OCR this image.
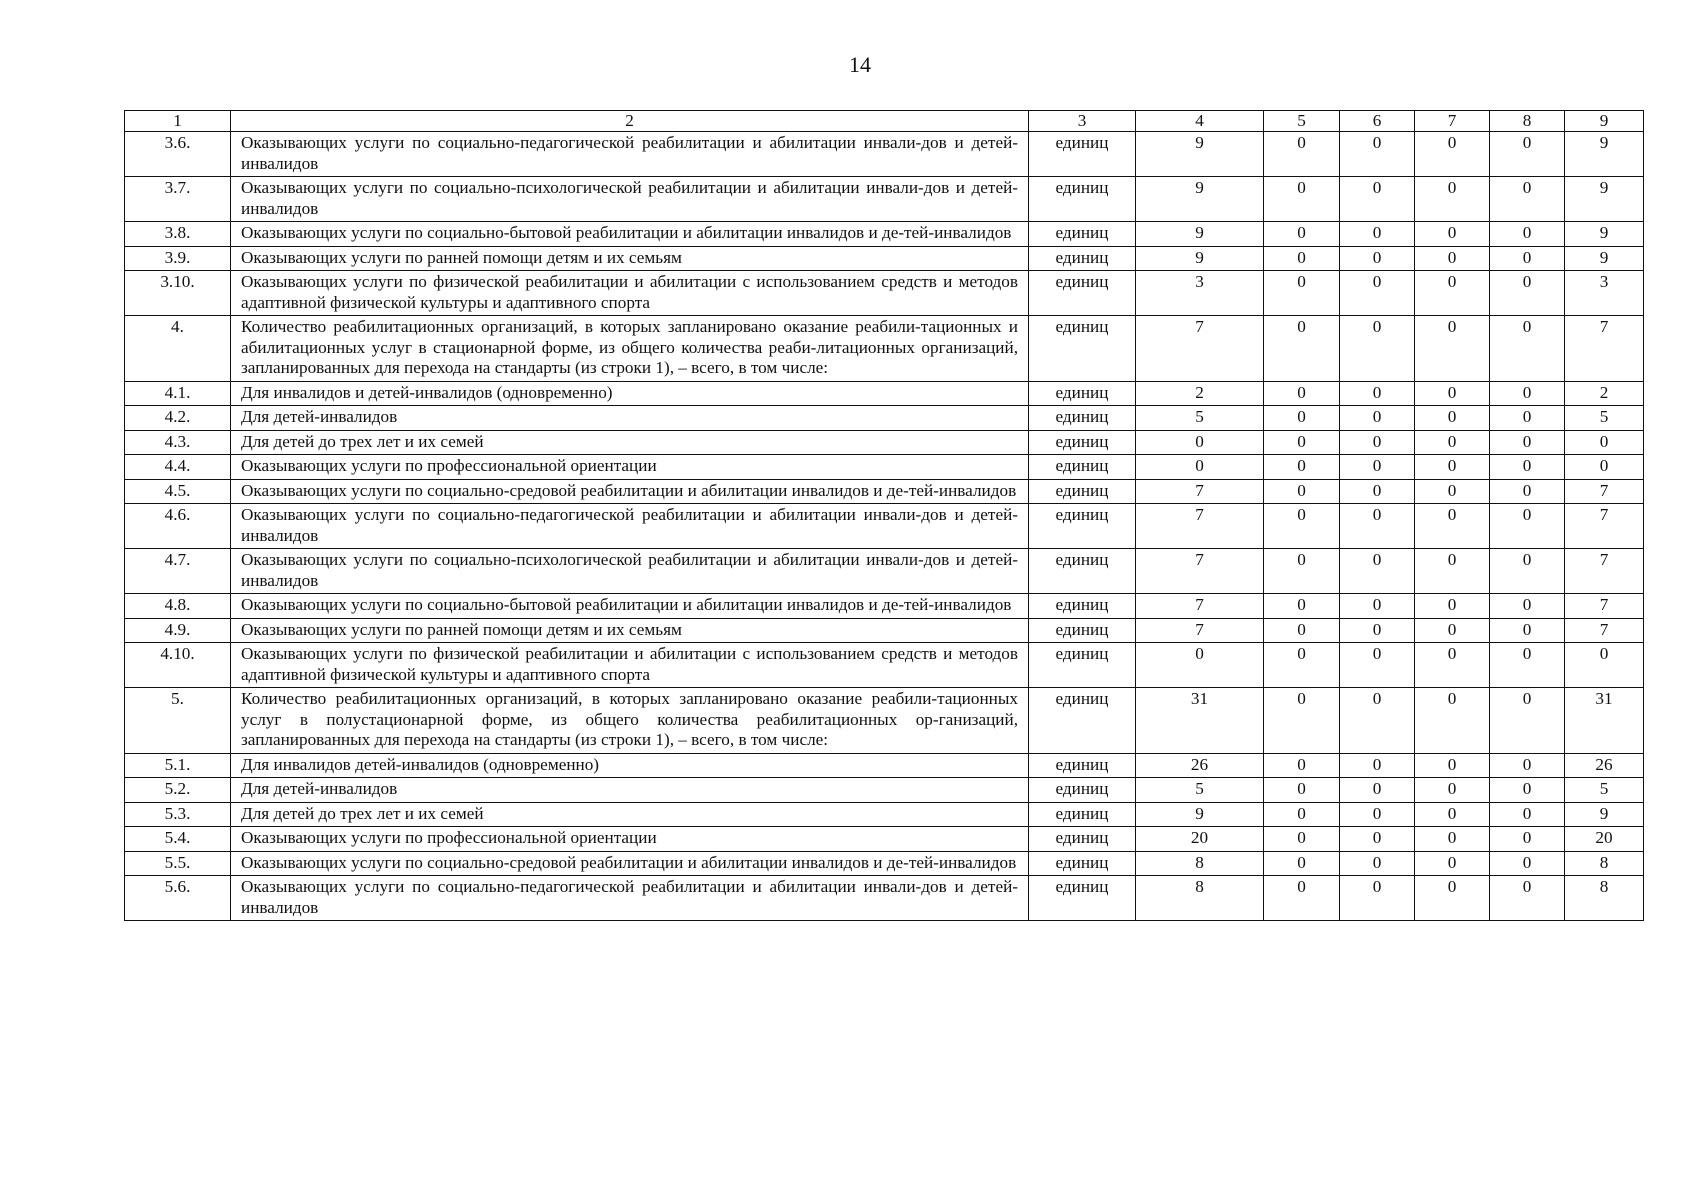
14
1	2	3	4	5	6	7	8	9
3.6.	Оказывающих услуги по социально-педагогической реабилитации и абилитации инвали-дов и детей-инвалидов	единиц	9	0	0	0	0	9
3.7.	Оказывающих услуги по социально-психологической реабилитации и абилитации инвали-дов и детей-инвалидов	единиц	9	0	0	0	0	9
3.8.	Оказывающих услуги по социально-бытовой реабилитации и абилитации инвалидов и де-тей-инвалидов	единиц	9	0	0	0	0	9
3.9.	Оказывающих услуги по ранней помощи детям и их семьям	единиц	9	0	0	0	0	9
3.10.	Оказывающих услуги по физической реабилитации и абилитации с использованием средств и методов адаптивной физической культуры и адаптивного спорта	единиц	3	0	0	0	0	3
4.	Количество реабилитационных организаций, в которых запланировано оказание реабили-тационных и абилитационных услуг в стационарной форме, из общего количества реаби-литационных организаций, запланированных для перехода на стандарты (из строки 1), – всего, в том числе:	единиц	7	0	0	0	0	7
4.1.	Для инвалидов и детей-инвалидов (одновременно)	единиц	2	0	0	0	0	2
4.2.	Для детей-инвалидов	единиц	5	0	0	0	0	5
4.3.	Для детей до трех лет и их семей	единиц	0	0	0	0	0	0
4.4.	Оказывающих услуги по профессиональной ориентации	единиц	0	0	0	0	0	0
4.5.	Оказывающих услуги по социально-средовой реабилитации и абилитации инвалидов и де-тей-инвалидов	единиц	7	0	0	0	0	7
4.6.	Оказывающих услуги по социально-педагогической реабилитации и абилитации инвали-дов и детей-инвалидов	единиц	7	0	0	0	0	7
4.7.	Оказывающих услуги по социально-психологической реабилитации и абилитации инвали-дов и детей-инвалидов	единиц	7	0	0	0	0	7
4.8.	Оказывающих услуги по социально-бытовой реабилитации и абилитации инвалидов и де-тей-инвалидов	единиц	7	0	0	0	0	7
4.9.	Оказывающих услуги по ранней помощи детям и их семьям	единиц	7	0	0	0	0	7
4.10.	Оказывающих услуги по физической реабилитации и абилитации с использованием средств и методов адаптивной физической культуры и адаптивного спорта	единиц	0	0	0	0	0	0
5.	Количество реабилитационных организаций, в которых запланировано оказание реабили-тационных услуг в полустационарной форме, из общего количества реабилитационных ор-ганизаций, запланированных для перехода на стандарты (из строки 1), – всего, в том числе:	единиц	31	0	0	0	0	31
5.1.	Для инвалидов детей-инвалидов (одновременно)	единиц	26	0	0	0	0	26
5.2.	Для детей-инвалидов	единиц	5	0	0	0	0	5
5.3.	Для детей до трех лет и их семей	единиц	9	0	0	0	0	9
5.4.	Оказывающих услуги по профессиональной ориентации	единиц	20	0	0	0	0	20
5.5.	Оказывающих услуги по социально-средовой реабилитации и абилитации инвалидов и де-тей-инвалидов	единиц	8	0	0	0	0	8
5.6.	Оказывающих услуги по социально-педагогической реабилитации и абилитации инвали-дов и детей-инвалидов	единиц	8	0	0	0	0	8
